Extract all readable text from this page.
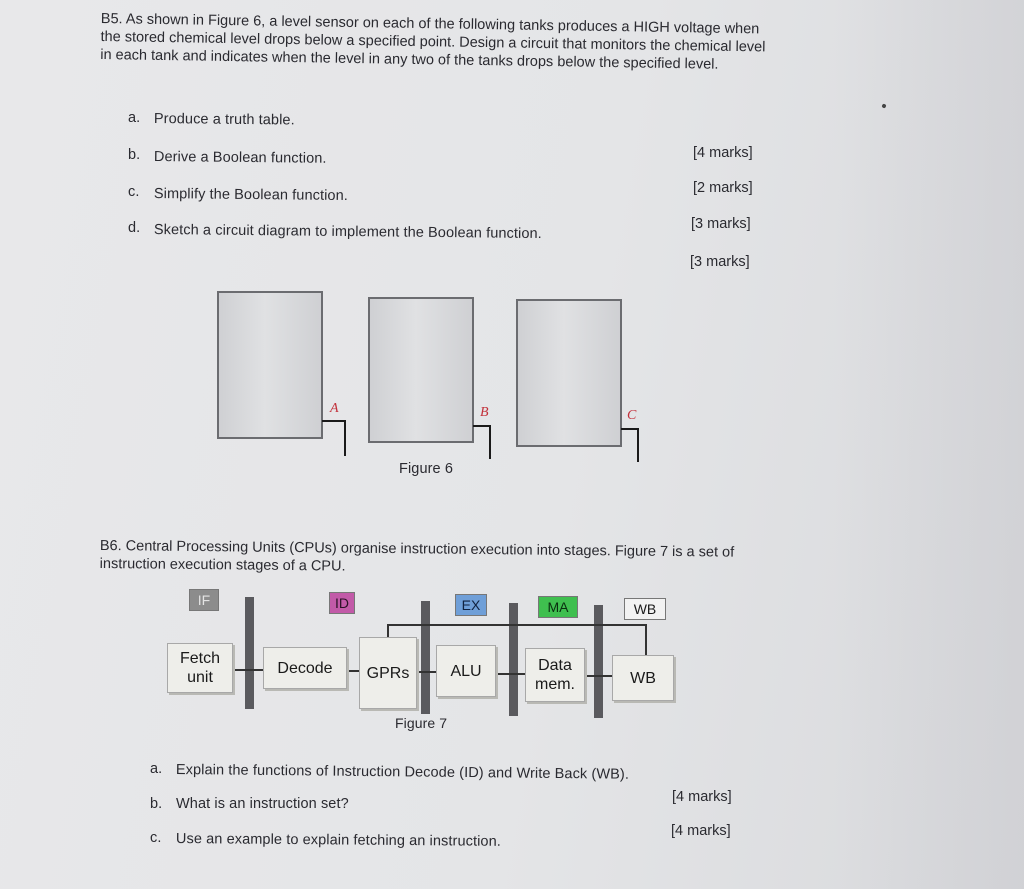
B5. As shown in Figure 6, a level sensor on each of the following tanks produces a HIGH voltage when the stored chemical level drops below a specified point. Design a circuit that monitors the chemical level in each tank and indicates when the level in any two of the tanks drops below the specified level.
a. Produce a truth table.
b. Derive a Boolean function.
c. Simplify the Boolean function.
d. Sketch a circuit diagram to implement the Boolean function.
[4 marks]
[2 marks]
[3 marks]
[3 marks]
A	B	C
Figure 6
B6. Central Processing Units (CPUs) organise instruction execution into stages. Figure 7 is a set of instruction execution stages of a CPU.
IF	ID	EX	MA	WB
Fetch
unit
Decode GPRs	ALU	Data
mem.	WB
Figure 7
a. Explain the functions of Instruction Decode (ID) and Write Back (WB).
b. What is an instruction set?
c. Use an example to explain fetching an instruction.
[4 marks]
[4 marks]
